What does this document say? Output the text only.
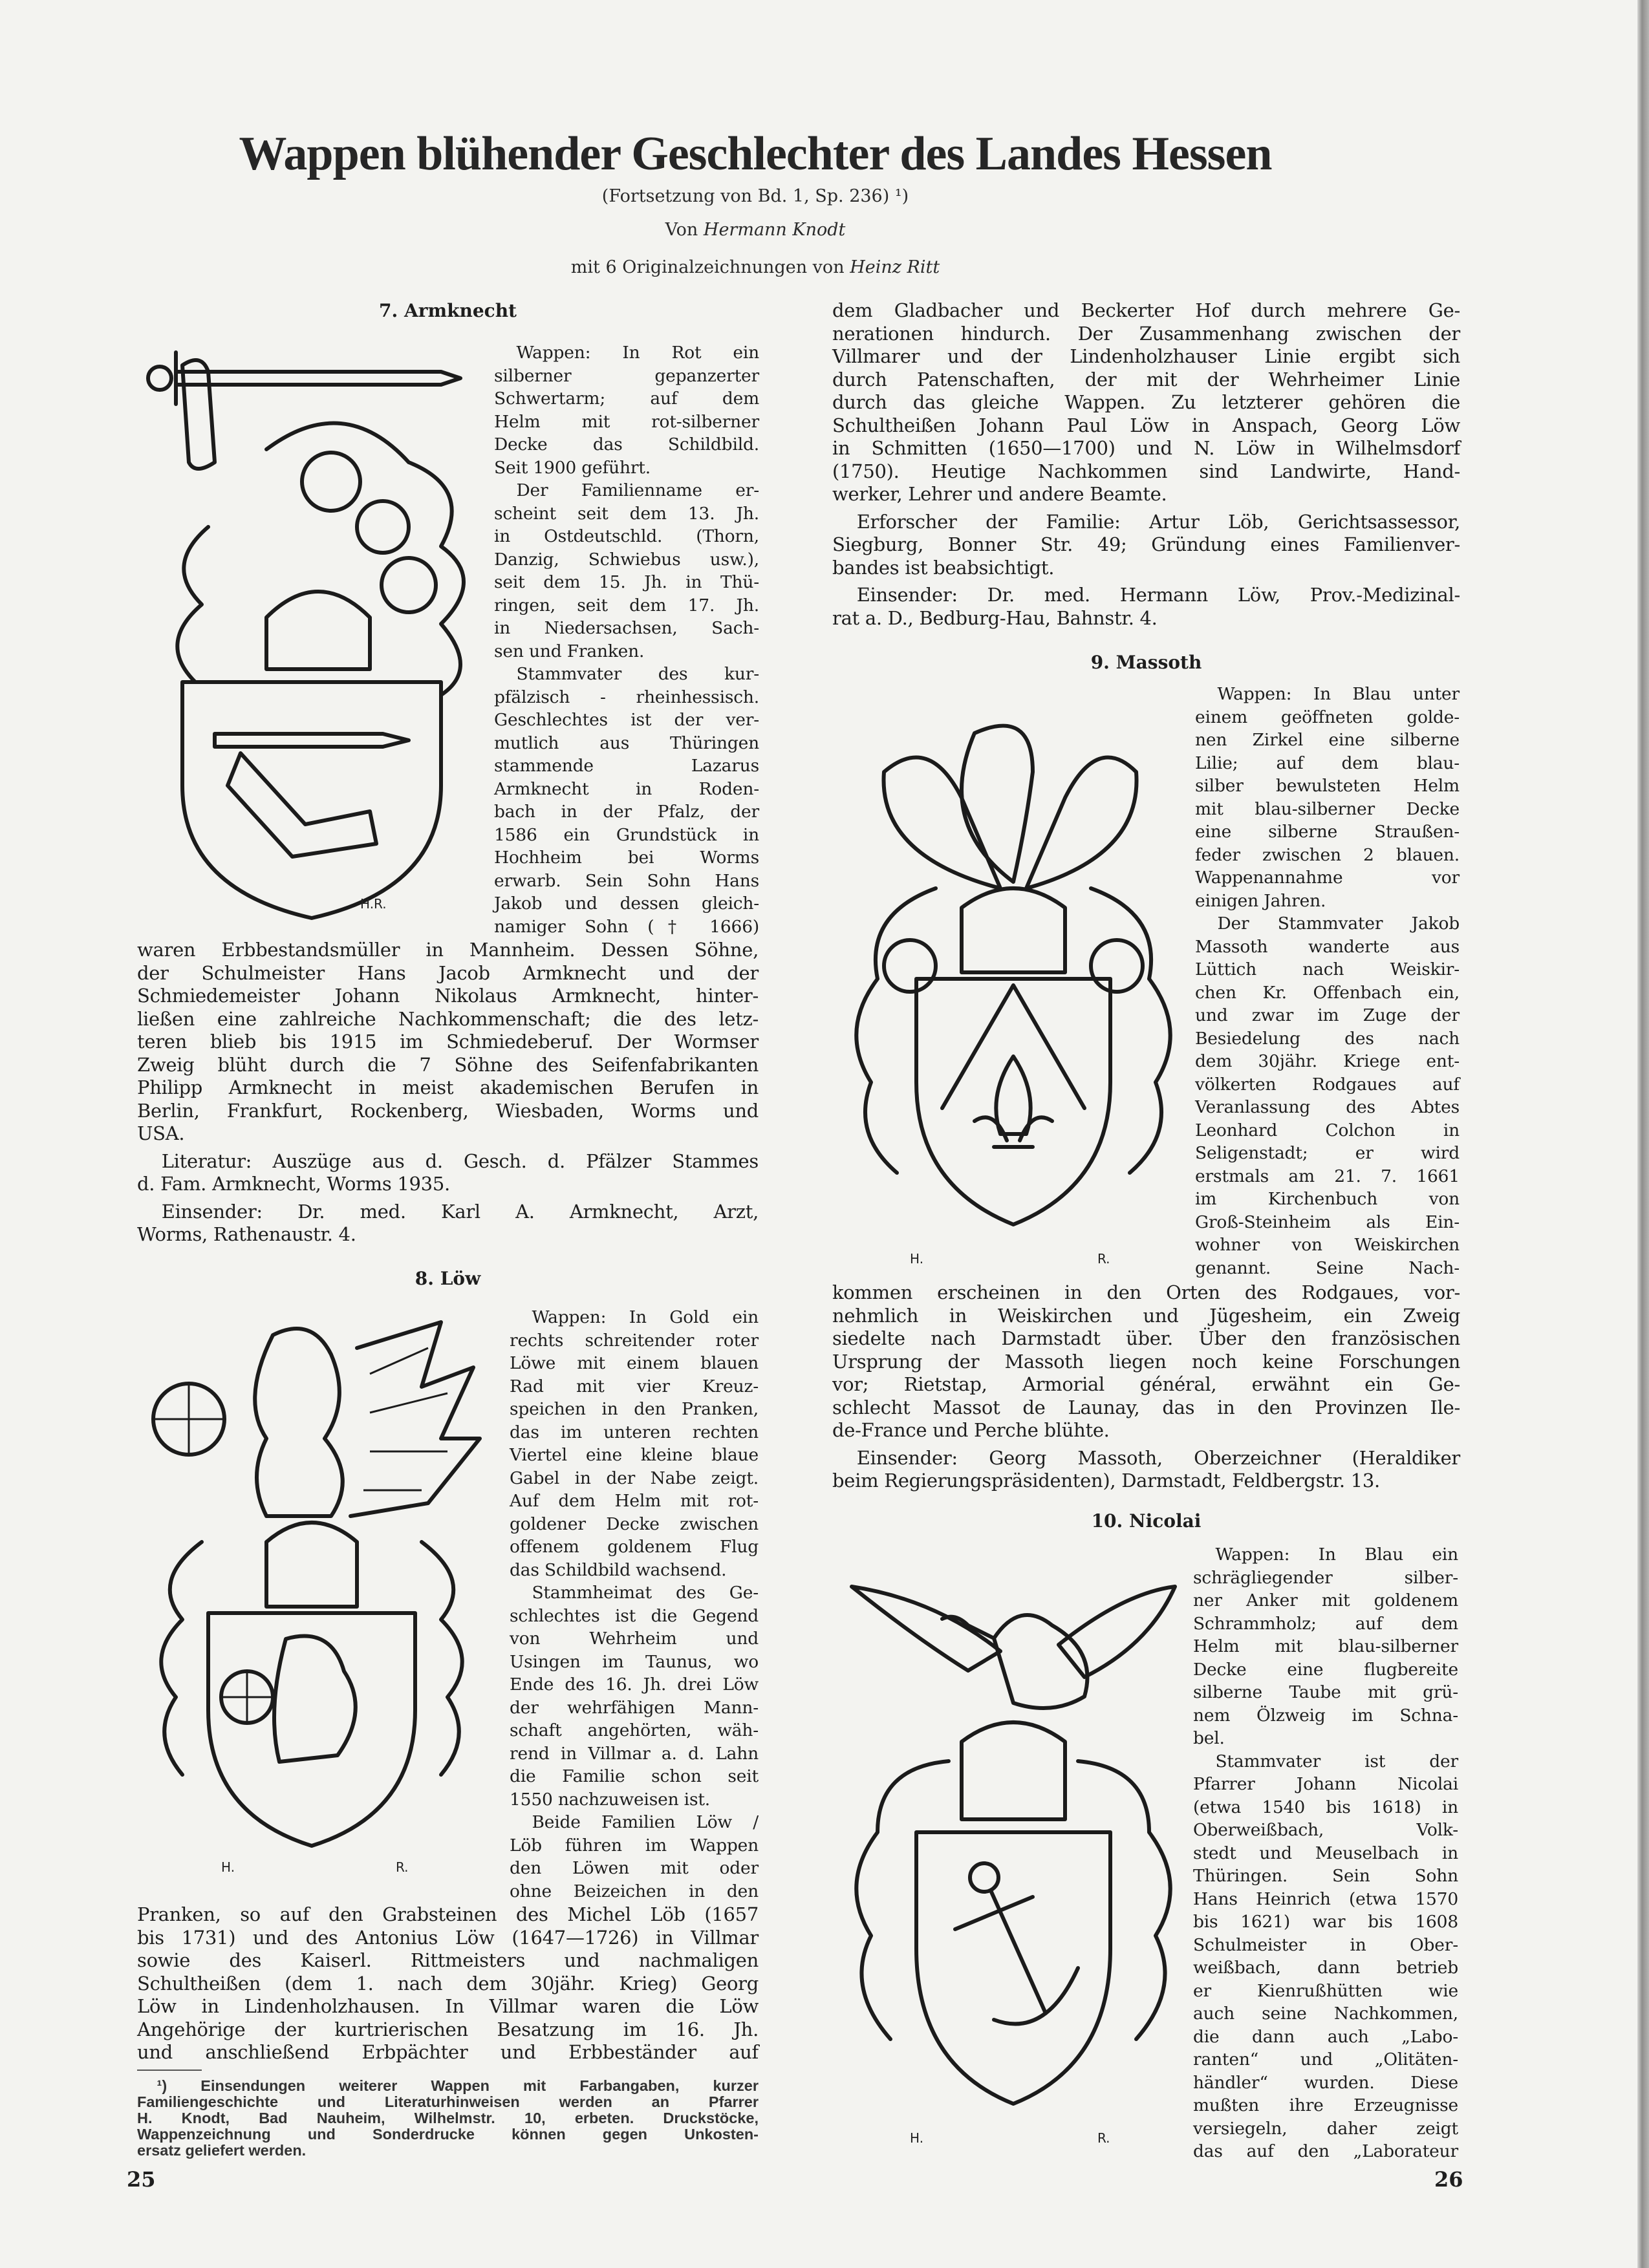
Wappen blühender Geschlechter des Landes Hessen
(Fortsetzung von Bd. 1, Sp. 236) ¹)
Von Hermann Knodt
mit 6 Originalzeichnungen von Heinz Ritt
7. Armknecht
8. Löw
9. Massoth
10. Nicolai
Wappen: In Rot ein
silberner gepanzerter
Schwertarm; auf dem
Helm mit rot-silberner
Decke das Schildbild.
Seit 1900 geführt.
Der Familienname er-
scheint seit dem 13. Jh.
in Ostdeutschld. (Thorn,
Danzig, Schwiebus usw.),
seit dem 15. Jh. in Thü-
ringen, seit dem 17. Jh.
in Niedersachsen, Sach-
sen und Franken.
Stammvater des kur-
pfälzisch - rheinhessisch.
Geschlechtes ist der ver-
mutlich aus Thüringen
stammende Lazarus
Armknecht in Roden-
bach in der Pfalz, der
1586 ein Grundstück in
Hochheim bei Worms
erwarb. Sein Sohn Hans
Jakob und dessen gleich-
namiger Sohn († 1666)
waren Erbbestandsmüller in Mannheim. Dessen Söhne,
der Schulmeister Hans Jacob Armknecht und der
Schmiedemeister Johann Nikolaus Armknecht, hinter-
ließen eine zahlreiche Nachkommenschaft; die des letz-
teren blieb bis 1915 im Schmiedeberuf. Der Wormser
Zweig blüht durch die 7 Söhne des Seifenfabrikanten
Philipp Armknecht in meist akademischen Berufen in
Berlin, Frankfurt, Rockenberg, Wiesbaden, Worms und
USA.
Literatur: Auszüge aus d. Gesch. d. Pfälzer Stammes
d. Fam. Armknecht, Worms 1935.
Einsender: Dr. med. Karl A. Armknecht, Arzt,
Worms, Rathenaustr. 4.
Wappen: In Gold ein
rechts schreitender roter
Löwe mit einem blauen
Rad mit vier Kreuz-
speichen in den Pranken,
das im unteren rechten
Viertel eine kleine blaue
Gabel in der Nabe zeigt.
Auf dem Helm mit rot-
goldener Decke zwischen
offenem goldenem Flug
das Schildbild wachsend.
Stammheimat des Ge-
schlechtes ist die Gegend
von Wehrheim und
Usingen im Taunus, wo
Ende des 16. Jh. drei Löw
der wehrfähigen Mann-
schaft angehörten, wäh-
rend in Villmar a. d. Lahn
die Familie schon seit
1550 nachzuweisen ist.
Beide Familien Löw /
Löb führen im Wappen
den Löwen mit oder
ohne Beizeichen in den
Pranken, so auf den Grabsteinen des Michel Löb (1657
bis 1731) und des Antonius Löw (1647—1726) in Villmar
sowie des Kaiserl. Rittmeisters und nachmaligen
Schultheißen (dem 1. nach dem 30jähr. Krieg) Georg
Löw in Lindenholzhausen. In Villmar waren die Löw
Angehörige der kurtrierischen Besatzung im 16. Jh.
und anschließend Erbpächter und Erbbeständer auf
dem Gladbacher und Beckerter Hof durch mehrere Ge-
nerationen hindurch. Der Zusammenhang zwischen der
Villmarer und der Lindenholzhauser Linie ergibt sich
durch Patenschaften, der mit der Wehrheimer Linie
durch das gleiche Wappen. Zu letzterer gehören die
Schultheißen Johann Paul Löw in Anspach, Georg Löw
in Schmitten (1650—1700) und N. Löw in Wilhelmsdorf
(1750). Heutige Nachkommen sind Landwirte, Hand-
werker, Lehrer und andere Beamte.
Erforscher der Familie: Artur Löb, Gerichtsassessor,
Siegburg, Bonner Str. 49; Gründung eines Familienver-
bandes ist beabsichtigt.
Einsender: Dr. med. Hermann Löw, Prov.-Medizinal-
rat a. D., Bedburg-Hau, Bahnstr. 4.
Wappen: In Blau unter
einem geöffneten golde-
nen Zirkel eine silberne
Lilie; auf dem blau-
silber bewulsteten Helm
mit blau-silberner Decke
eine silberne Straußen-
feder zwischen 2 blauen.
Wappenannahme vor
einigen Jahren.
Der Stammvater Jakob
Massoth wanderte aus
Lüttich nach Weiskir-
chen Kr. Offenbach ein,
und zwar im Zuge der
Besiedelung des nach
dem 30jähr. Kriege ent-
völkerten Rodgaues auf
Veranlassung des Abtes
Leonhard Colchon in
Seligenstadt; er wird
erstmals am 21. 7. 1661
im Kirchenbuch von
Groß-Steinheim als Ein-
wohner von Weiskirchen
genannt. Seine Nach-
kommen erscheinen in den Orten des Rodgaues, vor-
nehmlich in Weiskirchen und Jügesheim, ein Zweig
siedelte nach Darmstadt über. Über den französischen
Ursprung der Massoth liegen noch keine Forschungen
vor; Rietstap, Armorial général, erwähnt ein Ge-
schlecht Massot de Launay, das in den Provinzen Ile-
de-France und Perche blühte.
Einsender: Georg Massoth, Oberzeichner (Heraldiker
beim Regierungspräsidenten), Darmstadt, Feldbergstr. 13.
Wappen: In Blau ein
schrägliegender silber-
ner Anker mit goldenem
Schrammholz; auf dem
Helm mit blau-silberner
Decke eine flugbereite
silberne Taube mit grü-
nem Ölzweig im Schna-
bel.
Stammvater ist der
Pfarrer Johann Nicolai
(etwa 1540 bis 1618) in
Oberweißbach, Volk-
stedt und Meuselbach in
Thüringen. Sein Sohn
Hans Heinrich (etwa 1570
bis 1621) war bis 1608
Schulmeister in Ober-
weißbach, dann betrieb
er Kienrußhütten wie
auch seine Nachkommen,
die dann auch „Labo-
ranten“ und „Olitäten-
händler“ wurden. Diese
mußten ihre Erzeugnisse
versiegeln, daher zeigt
das auf den „Laborateur
¹) Einsendungen weiterer Wappen mit Farbangaben, kurzer
Familiengeschichte und Literaturhinweisen werden an Pfarrer
H. Knodt, Bad Nauheim, Wilhelmstr. 10, erbeten. Druckstöcke,
Wappenzeichnung und Sonderdrucke können gegen Unkosten-
ersatz geliefert werden.
25	26
H.R.
H.	R.
H.	R.
H.	R.
